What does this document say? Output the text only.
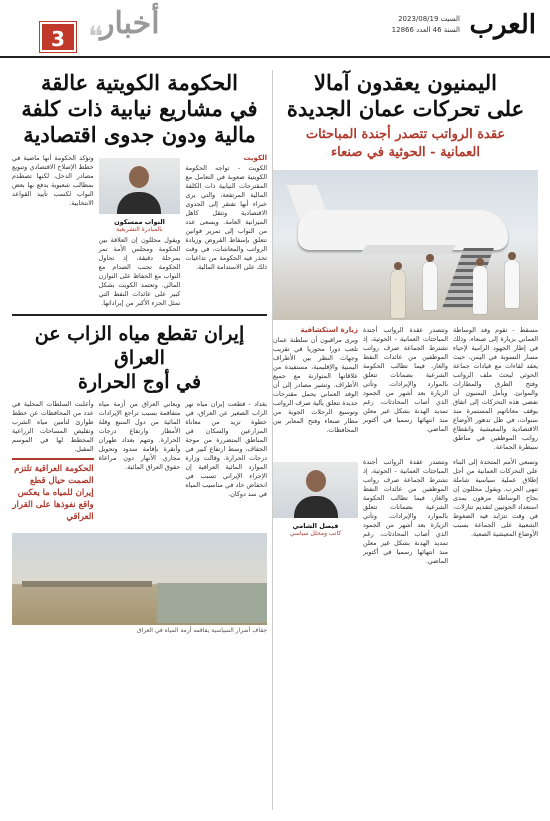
العرب
السبت 2023/08/19
السنة 46 العدد 12866
أخبار
❝
3
اليمنيون يعقدون آمالا
على تحركات عمان الجديدة
عقدة الرواتب تتصدر أجندة المباحثات
العمانية - الحوثية في صنعاء
مسقط - تقوم وفد الوساطة العماني بزيارة إلى صنعاء، وذلك في إطار الجهود الرامية لإحياء مسار التسوية في اليمن، حيث يعقد لقاءات مع قيادات جماعة الحوثي لبحث ملف الرواتب وفتح الطرق والمطارات والموانئ. ويأمل اليمنيون أن تفضي هذه التحركات إلى اتفاق يوقف معاناتهم المستمرة منذ سنوات، في ظل تدهور الأوضاع الاقتصادية والمعيشية وانقطاع رواتب الموظفين في مناطق سيطرة الجماعة.
وتتصدر عقدة الرواتب أجندة المباحثات العمانية - الحوثية، إذ تشترط الجماعة صرف رواتب الموظفين من عائدات النفط والغاز، فيما تطالب الحكومة الشرعية بضمانات تتعلق بالموارد والإيرادات. وتأتي الزيارة بعد أشهر من الجمود الذي أصاب المحادثات، رغم تمديد الهدنة بشكل غير معلن منذ انتهائها رسميا في أكتوبر الماضي.
زيارة استكشافية
ويرى مراقبون أن سلطنة عمان تلعب دورا محوريا في تقريب وجهات النظر بين الأطراف اليمنية والإقليمية، مستفيدة من علاقاتها المتوازنة مع جميع الأطراف. وتشير مصادر إلى أن الوفد العماني يحمل مقترحات جديدة تتعلق بآلية صرف الرواتب وتوسيع الرحلات الجوية من مطار صنعاء وفتح المعابر بين المحافظات.
وتسعى الأمم المتحدة إلى البناء على التحركات العمانية من أجل إطلاق عملية سياسية شاملة تنهي الحرب. ويقول محللون إن نجاح الوساطة مرهون بمدى استعداد الحوثيين لتقديم تنازلات، في وقت تتزايد فيه الضغوط الشعبية على الجماعة بسبب الأوضاع المعيشية الصعبة.
وتتصدر عقدة الرواتب أجندة المباحثات العمانية - الحوثية، إذ تشترط الجماعة صرف رواتب الموظفين من عائدات النفط والغاز، فيما تطالب الحكومة الشرعية بضمانات تتعلق بالموارد والإيرادات. وتأتي الزيارة بعد أشهر من الجمود الذي أصاب المحادثات، رغم تمديد الهدنة بشكل غير معلن منذ انتهائها رسميا في أكتوبر الماضي.
فيصل الشامي
كاتب ومحلل سياسي
الحكومة الكويتية عالقة
في مشاريع نيابية ذات كلفة
مالية ودون جدوى اقتصادية
الكويت
الكويت - تواجه الحكومة الكويتية صعوبة في التعامل مع المقترحات النيابية ذات الكلفة المالية المرتفعة، والتي يرى خبراء أنها تفتقر إلى الجدوى الاقتصادية وتثقل كاهل الميزانية العامة. ويسعى عدد من النواب إلى تمرير قوانين تتعلق بإسقاط القروض وزيادة الرواتب والمعاشات، في وقت تحذر فيه الحكومة من تداعيات ذلك على الاستدامة المالية.
النواب ممسكون
بالمبادرة التشريعية
ويقول محللون إن العلاقة بين الحكومة ومجلس الأمة تمر بمرحلة دقيقة، إذ تحاول الحكومة تجنب الصدام مع النواب مع الحفاظ على التوازن المالي. وتعتمد الكويت بشكل كبير على عائدات النفط التي تمثل الجزء الأكبر من إيراداتها.
وتؤكد الحكومة أنها ماضية في خطط الإصلاح الاقتصادي وتنويع مصادر الدخل، لكنها تصطدم بمطالب شعبوية يدفع بها بعض النواب لكسب تأييد القواعد الانتخابية.
إيران تقطع مياه الزاب عن العراق
في أوج الحرارة
بغداد - قطعت إيران مياه نهر الزاب الصغير عن العراق، في خطوة تزيد من معاناة المزارعين والسكان في المناطق المتضررة من موجة الجفاف، وسط ارتفاع كبير في درجات الحرارة. وقالت وزارة الموارد المائية العراقية إن الإجراء الإيراني تسبب في انخفاض حاد في مناسيب المياه في سد دوكان.
ويعاني العراق من أزمة مياه متفاقمة بسبب تراجع الإيرادات المائية من دول المنبع وقلة الأمطار وارتفاع درجات الحرارة. وتتهم بغداد طهران وأنقرة بإقامة سدود وتحويل مجاري الأنهار دون مراعاة حقوق العراق المائية.
وأعلنت السلطات المحلية في عدد من المحافظات عن خطط طوارئ لتأمين مياه الشرب وتقليص المساحات الزراعية المخطط لها في الموسم المقبل.
الحكومة العراقية تلتزم الصمت حيال قطع إيران للمياه ما يعكس واقع نفوذها على القرار العراقي
جفاف أضرار السياسية يفاقمه أزمة المياه في العراق
